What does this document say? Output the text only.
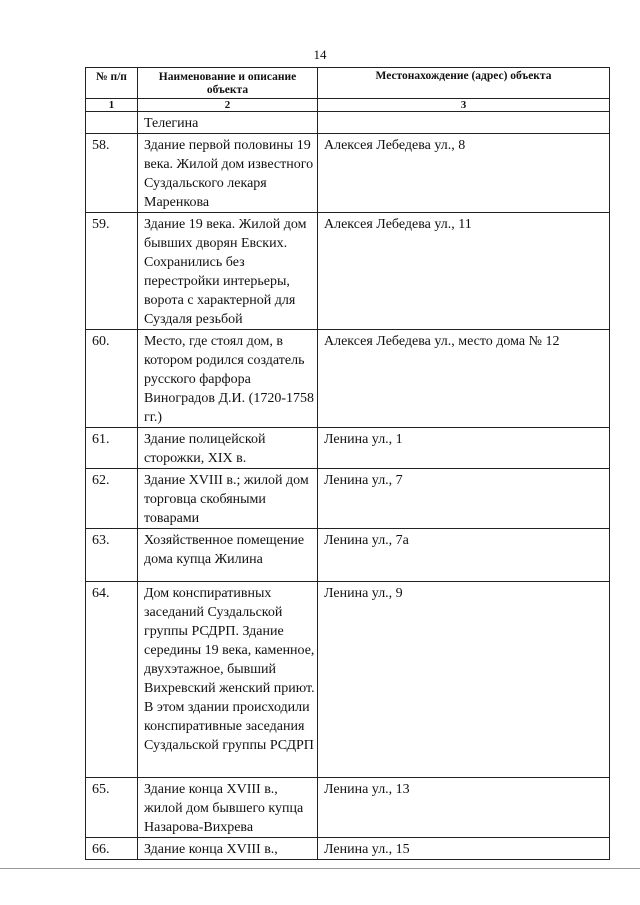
14
№ п/п	Наименование и описание объекта	Местонахождение (адрес) объекта
1	2	3
	Телегина	
58.	Здание первой половины 19 века. Жилой дом известного Суздальского лекаря Маренкова	Алексея Лебедева ул., 8
59.	Здание 19 века. Жилой дом бывших дворян Евских. Сохранились без перестройки интерьеры, ворота с характерной для Суздаля резьбой	Алексея Лебедева ул., 11
60.	Место, где стоял дом, в котором родился создатель русского фарфора Виноградов Д.И. (1720-1758 гг.)	Алексея Лебедева ул., место дома № 12
61.	Здание полицейской сторожки, XIX в.	Ленина ул., 1
62.	Здание XVIII в.; жилой дом торговца скобяными товарами	Ленина ул., 7
63.	Хозяйственное помещение дома купца Жилина	Ленина ул., 7а
64.	Дом конспиративных заседаний Суздальской группы РСДРП. Здание середины 19 века, каменное, двухэтажное, бывший Вихревский женский приют. В этом здании происходили конспиративные заседания Суздальской группы РСДРП	Ленина ул., 9
65.	Здание конца XVIII в., жилой дом бывшего купца Назарова-Вихрева	Ленина ул., 13
66.	Здание конца XVIII в.,	Ленина ул., 15
